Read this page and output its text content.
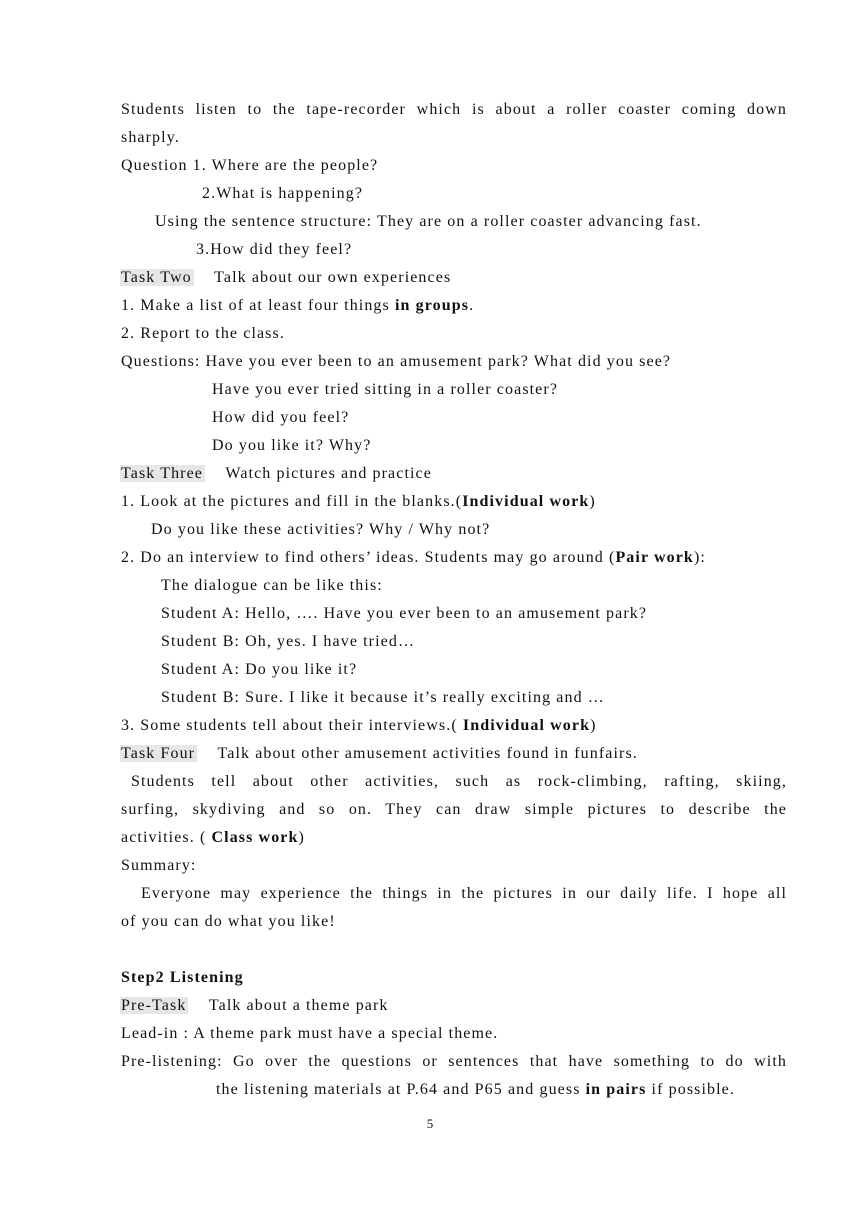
Students listen to the tape-recorder which is about a roller coaster coming down
sharply.
Question 1. Where are the people?
2.What is happening?
Using the sentence structure: They are on a roller coaster advancing fast.
3.How did they feel?
Task Two Talk about our own experiences
1. Make a list of at least four things in groups.
2. Report to the class.
Questions: Have you ever been to an amusement park? What did you see?
Have you ever tried sitting in a roller coaster?
How did you feel?
Do you like it? Why?
Task Three Watch pictures and practice
1. Look at the pictures and fill in the blanks.(Individual work)
Do you like these activities? Why / Why not?
2. Do an interview to find others’ ideas. Students may go around (Pair work):
The dialogue can be like this:
Student A: Hello, …. Have you ever been to an amusement park?
Student B: Oh, yes. I have tried…
Student A: Do you like it?
Student B: Sure. I like it because it’s really exciting and …
3. Some students tell about their interviews.( Individual work)
Task Four Talk about other amusement activities found in funfairs.
Students tell about other activities, such as rock-climbing, rafting, skiing,
surfing, skydiving and so on. They can draw simple pictures to describe the
activities. ( Class work)
Summary:
Everyone may experience the things in the pictures in our daily life. I hope all
of you can do what you like!
Step2 Listening
Pre-Task Talk about a theme park
Lead-in : A theme park must have a special theme.
Pre-listening: Go over the questions or sentences that have something to do with
the listening materials at P.64 and P65 and guess in pairs if possible.
5
